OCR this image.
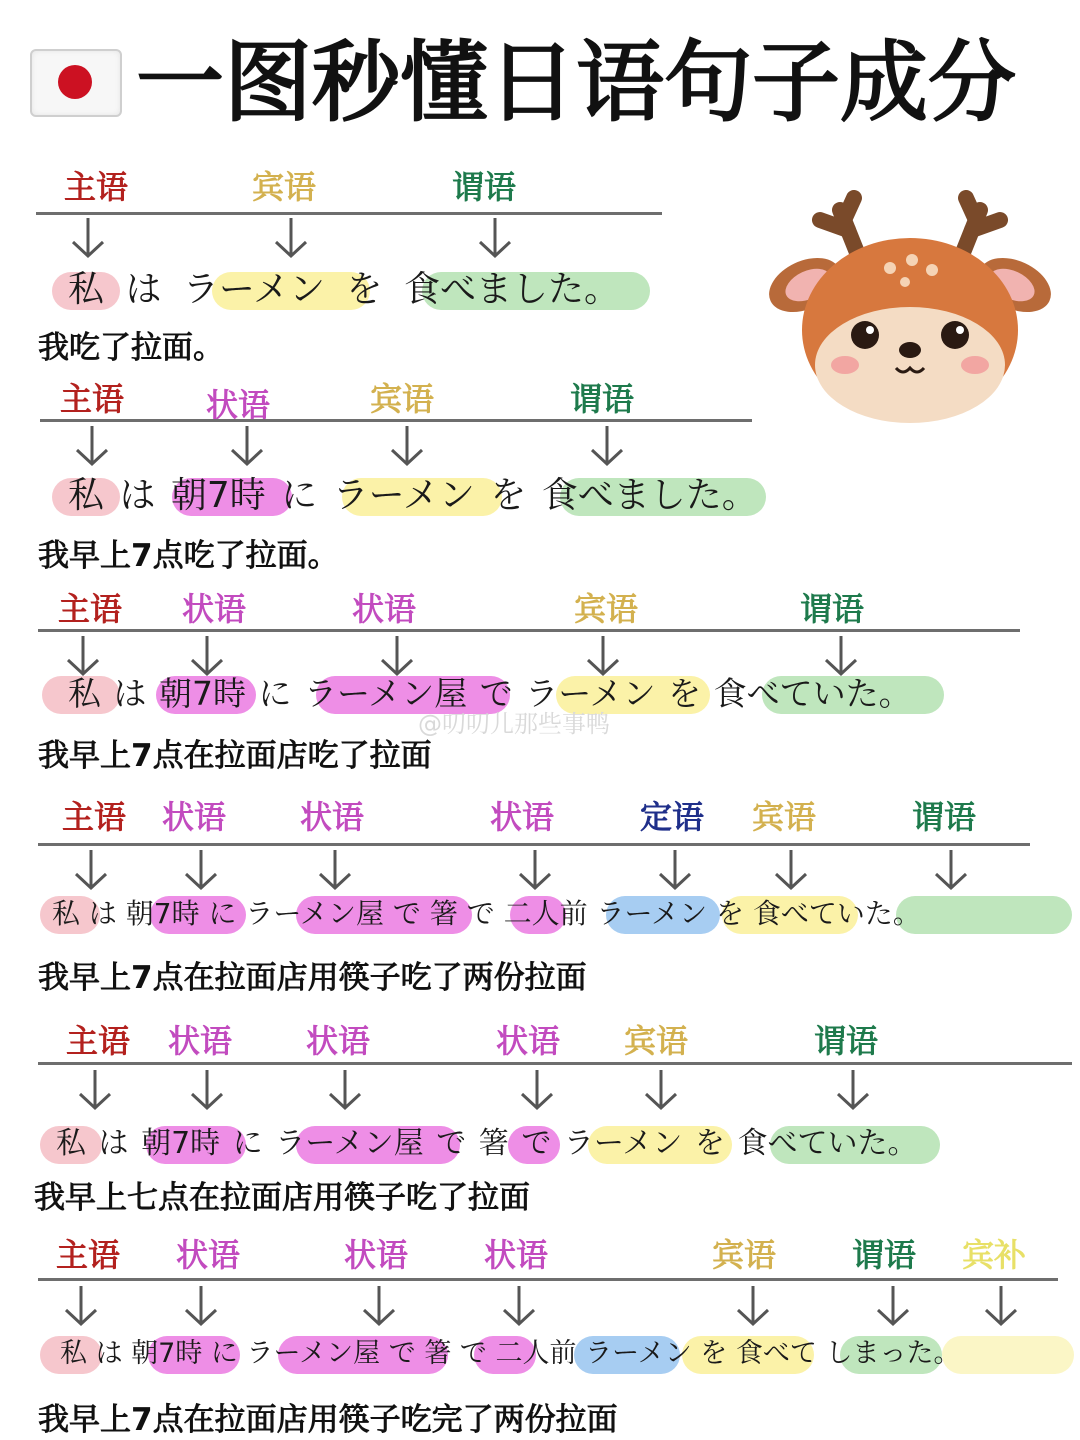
一图秒懂日语句子成分
主语	宾语	谓语
私 は ラーメン を 食べました。
我吃了拉面。
主语	状语	宾语	谓语
私 は 朝7時 に ラーメン を 食べました。
我早上7点吃了拉面。
主语 状语	状语	宾语	谓语
私 は 朝7時 に ラーメン屋 で ラーメン を 食べていた。
@叨叨儿那些事鸭
我早上7点在拉面店吃了拉面
主语 状语 状语	状语	定语 宾语	谓语
私 は 朝7時 に ラーメン屋 で 箸 で 二人前 ラーメン を 食べていた。
我早上7点在拉面店用筷子吃了两份拉面
主语 状语 状语	状语 宾语	谓语
私 は 朝7時 に ラーメン屋 で 箸 で ラーメン を 食べていた。
我早上七点在拉面店用筷子吃了拉面
主语 状语	状语 状语	宾语 谓语 宾补
私 は 朝7時 に ラーメン屋 で 箸 で 二人前 ラーメン を 食べて しまった。
我早上7点在拉面店用筷子吃完了两份拉面
